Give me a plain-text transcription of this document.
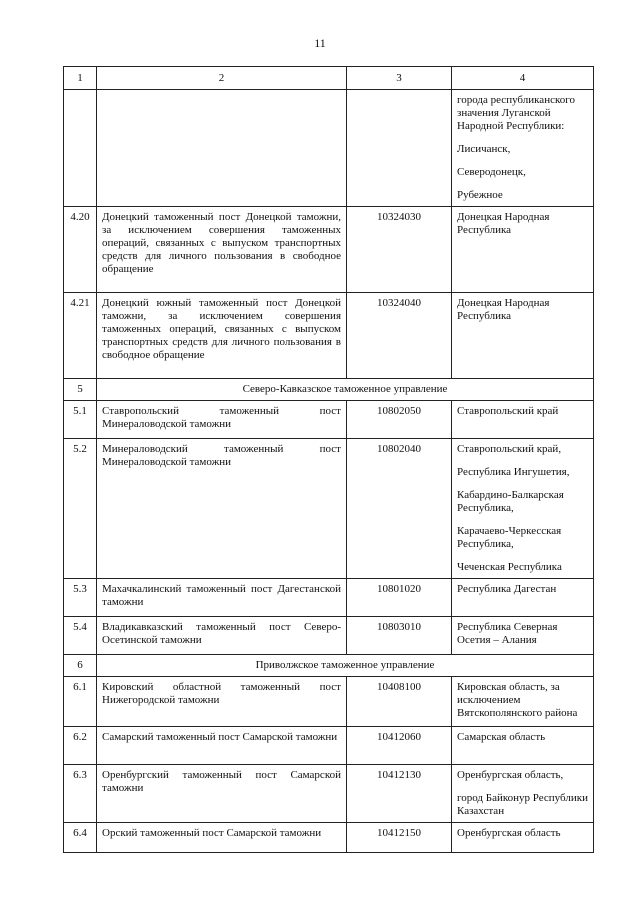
11
1	2	3	4

			города республиканского значения Луганской Народной Республики:
Лисичанск,
Северодонецк,
Рубежное

4.20	Донецкий таможенный пост Донецкой таможни, за исключением совершения таможенных операций, связанных с выпуском транспортных средств для личного пользования в свободное обращение	10324030	Донецкая Народная Республика

4.21	Донецкий южный таможенный пост Донецкой таможни, за исключением совершения таможенных операций, связанных с выпуском транспортных средств для личного пользования в свободное обращение	10324040	Донецкая Народная Республика

5	Северо-Кавказское таможенное управление		
5.1	Ставропольский таможенный пост Минераловодской таможни	10802050	Ставропольский край

5.2	Минераловодский таможенный пост Минераловодской таможни	10802040	Ставропольский край,
Республика Ингушетия,
Кабардино-Балкарская Республика,
Карачаево-Черкесская Республика,
Чеченская Республика

5.3	Махачкалинский таможенный пост Дагестанской таможни	10801020	Республика Дагестан

5.4	Владикавказский таможенный пост Северо-Осетинской таможни	10803010	Республика Северная Осетия – Алания

6	Приволжское таможенное управление		
6.1	Кировский областной таможенный пост Нижегородской таможни	10408100	Кировская область, за исключением Вятскополянского района

6.2	Самарский таможенный пост Самарской таможни	10412060	Самарская область

6.3	Оренбургский таможенный пост Самарской таможни	10412130	Оренбургская область,
город Байконур Республики Казахстан

6.4	Орский таможенный пост Самарской таможни	10412150	Оренбургская область
